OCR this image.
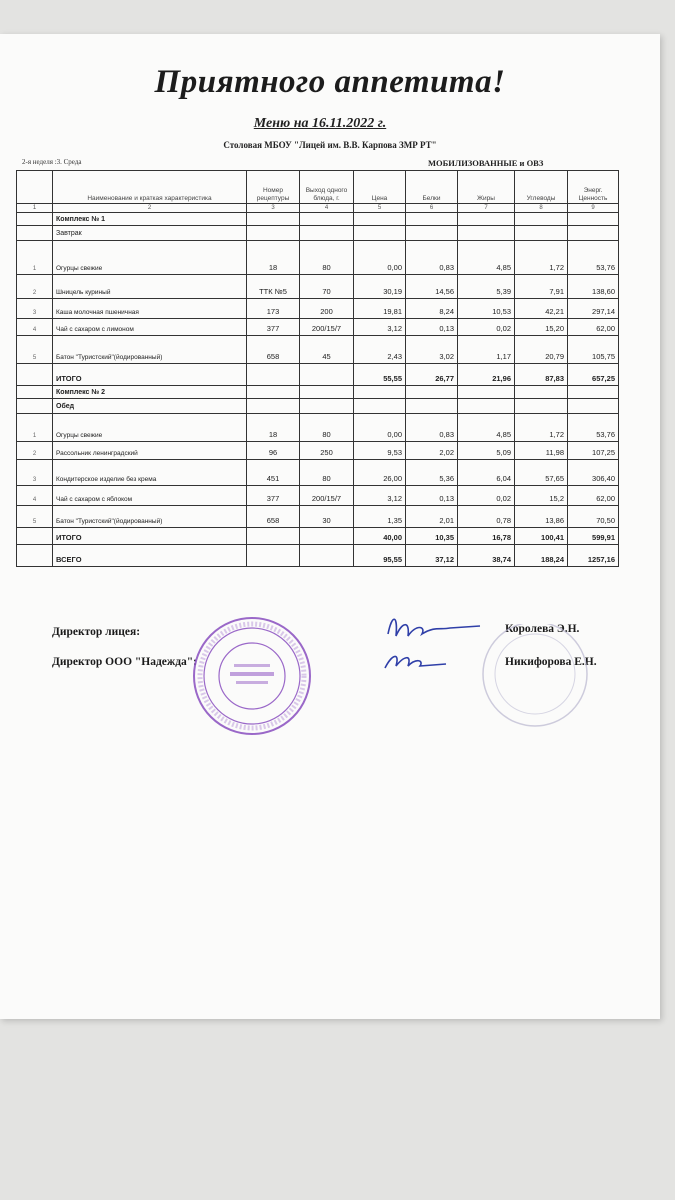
Приятного аппетита!
Меню на 16.11.2022 г.
Столовая МБОУ "Лицей им. В.В. Карпова ЗМР РТ"
2-я неделя :3. Среда	МОБИЛИЗОВАННЫЕ и ОВЗ
	Наименование и краткая характеристика	Номер рецептуры	Выход одного блюда, г.	Цена	Белки	Жиры	Углеводы	Энерг. Ценность
1	2	3	4	5	6	7	8	9
	Комплекс № 1							
	Завтрак							
1	Огурцы свежие	18	80	0,00	0,83	4,85	1,72	53,76
2	Шницель куриный	ТТК №5	70	30,19	14,56	5,39	7,91	138,60
3	Каша молочная пшеничная	173	200	19,81	8,24	10,53	42,21	297,14
4	Чай с сахаром с лимоном	377	200/15/7	3,12	0,13	0,02	15,20	62,00
5	Батон "Туристский"(йодированный)	658	45	2,43	3,02	1,17	20,79	105,75
	ИТОГО			55,55	26,77	21,96	87,83	657,25
	Комплекс № 2							
	Обед							
1	Огурцы свежие	18	80	0,00	0,83	4,85	1,72	53,76
2	Рассольник ленинградский	96	250	9,53	2,02	5,09	11,98	107,25
3	Кондитерское изделие без крема	451	80	26,00	5,36	6,04	57,65	306,40
4	Чай с сахаром с яблоком	377	200/15/7	3,12	0,13	0,02	15,2	62,00
5	Батон "Туристский"(йодированный)	658	30	1,35	2,01	0,78	13,86	70,50
	ИТОГО			40,00	10,35	16,78	100,41	599,91
	ВСЕГО			95,55	37,12	38,74	188,24	1257,16
Директор лицея:
Директор ООО "Надежда":
Королева Э.Н.
Никифорова Е.Н.
